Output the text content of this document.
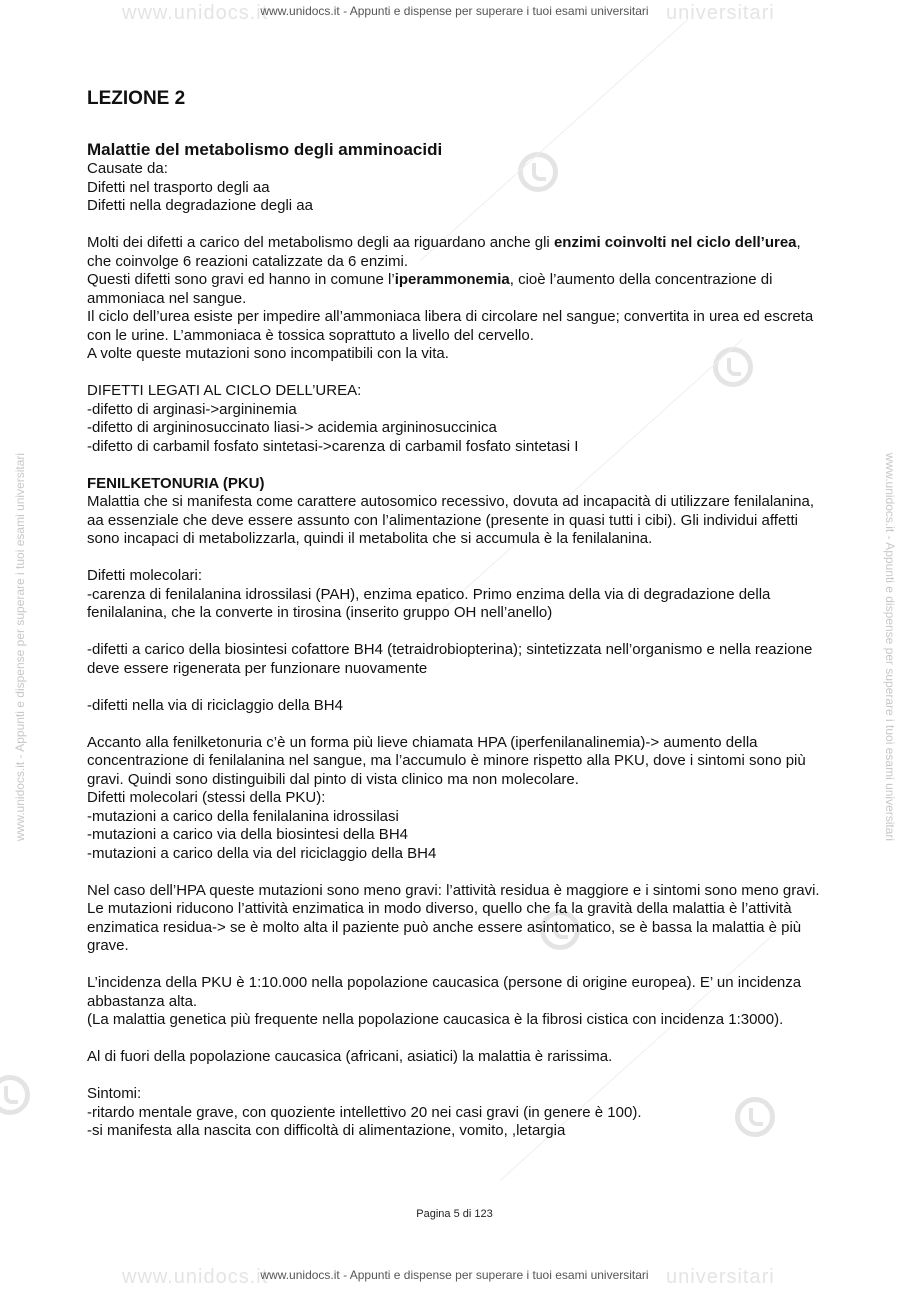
www.unidocs.it	universitari
www.unidocs.it - Appunti e dispense per superare i tuoi esami universitari
www.unidocs.it	universitari
www.unidocs.it - Appunti e dispense per superare i tuoi esami universitari
www.unidocs.it - Appunti e dispense per superare i tuoi esami universitari	www.unidocs.it - Appunti e dispense per superare i tuoi esami universitari

LEZIONE 2

Malattie del metabolismo degli amminoacidi

Causate da:

Difetti nel trasporto degli aa

Difetti nella degradazione degli aa

Molti dei difetti a carico del metabolismo degli aa riguardano anche gli enzimi coinvolti nel ciclo dell’urea, che coinvolge 6 reazioni catalizzate da 6 enzimi.

Questi difetti sono gravi ed hanno in comune l’iperammonemia, cioè l’aumento della concentrazione di ammoniaca nel sangue.

Il ciclo dell’urea esiste per impedire all’ammoniaca libera di circolare nel sangue; convertita in urea ed escreta con le urine. L’ammoniaca è tossica soprattuto a livello del cervello.

A volte queste mutazioni sono incompatibili con la vita.

DIFETTI LEGATI AL CICLO DELL’UREA:

-difetto di arginasi->argininemia

-difetto di argininosuccinato liasi-> acidemia argininosuccinica

-difetto di carbamil fosfato sintetasi->carenza di carbamil fosfato sintetasi I

FENILKETONURIA (PKU)

Malattia che si manifesta come carattere autosomico recessivo, dovuta ad incapacità di utilizzare fenilalanina, aa essenziale che deve essere assunto con l’alimentazione (presente in quasi tutti i cibi). Gli individui affetti sono incapaci di metabolizzarla, quindi il metabolita che si accumula è la fenilalanina.

Difetti molecolari:

-carenza di fenilalanina idrossilasi (PAH), enzima epatico. Primo enzima della via di degradazione della fenilalanina, che la converte in tirosina (inserito gruppo OH nell’anello)

-difetti a carico della biosintesi cofattore BH4 (tetraidrobiopterina); sintetizzata nell’organismo e nella reazione deve essere rigenerata per funzionare nuovamente

-difetti nella via di riciclaggio della BH4

Accanto alla fenilketonuria c’è un forma più lieve chiamata HPA (iperfenilanalinemia)-> aumento della concentrazione di fenilalanina nel sangue, ma l’accumulo è minore rispetto alla PKU, dove i sintomi sono più gravi. Quindi sono distinguibili dal pinto di vista clinico ma non molecolare.

Difetti molecolari (stessi della PKU):

-mutazioni a carico della fenilalanina idrossilasi

-mutazioni a carico via della biosintesi della BH4

-mutazioni a carico della via del riciclaggio della BH4

Nel caso dell’HPA queste mutazioni sono meno gravi: l’attività residua è maggiore e i sintomi sono meno gravi.

Le mutazioni riducono l’attività enzimatica in modo diverso, quello che fa la gravità della malattia è l’attività enzimatica residua-> se è molto alta il paziente può anche essere asintomatico, se è bassa la malattia è più grave.

L’incidenza della PKU è 1:10.000 nella popolazione caucasica (persone di origine europea). E’ un incidenza abbastanza alta.

(La malattia genetica più frequente nella popolazione caucasica è la fibrosi cistica con incidenza 1:3000).

Al di fuori della popolazione caucasica (africani, asiatici) la malattia è rarissima.

Sintomi:

-ritardo mentale grave, con quoziente intellettivo 20 nei casi gravi (in genere è 100).

-si manifesta alla nascita con difficoltà di alimentazione, vomito, ,letargia

Pagina 5 di 123
